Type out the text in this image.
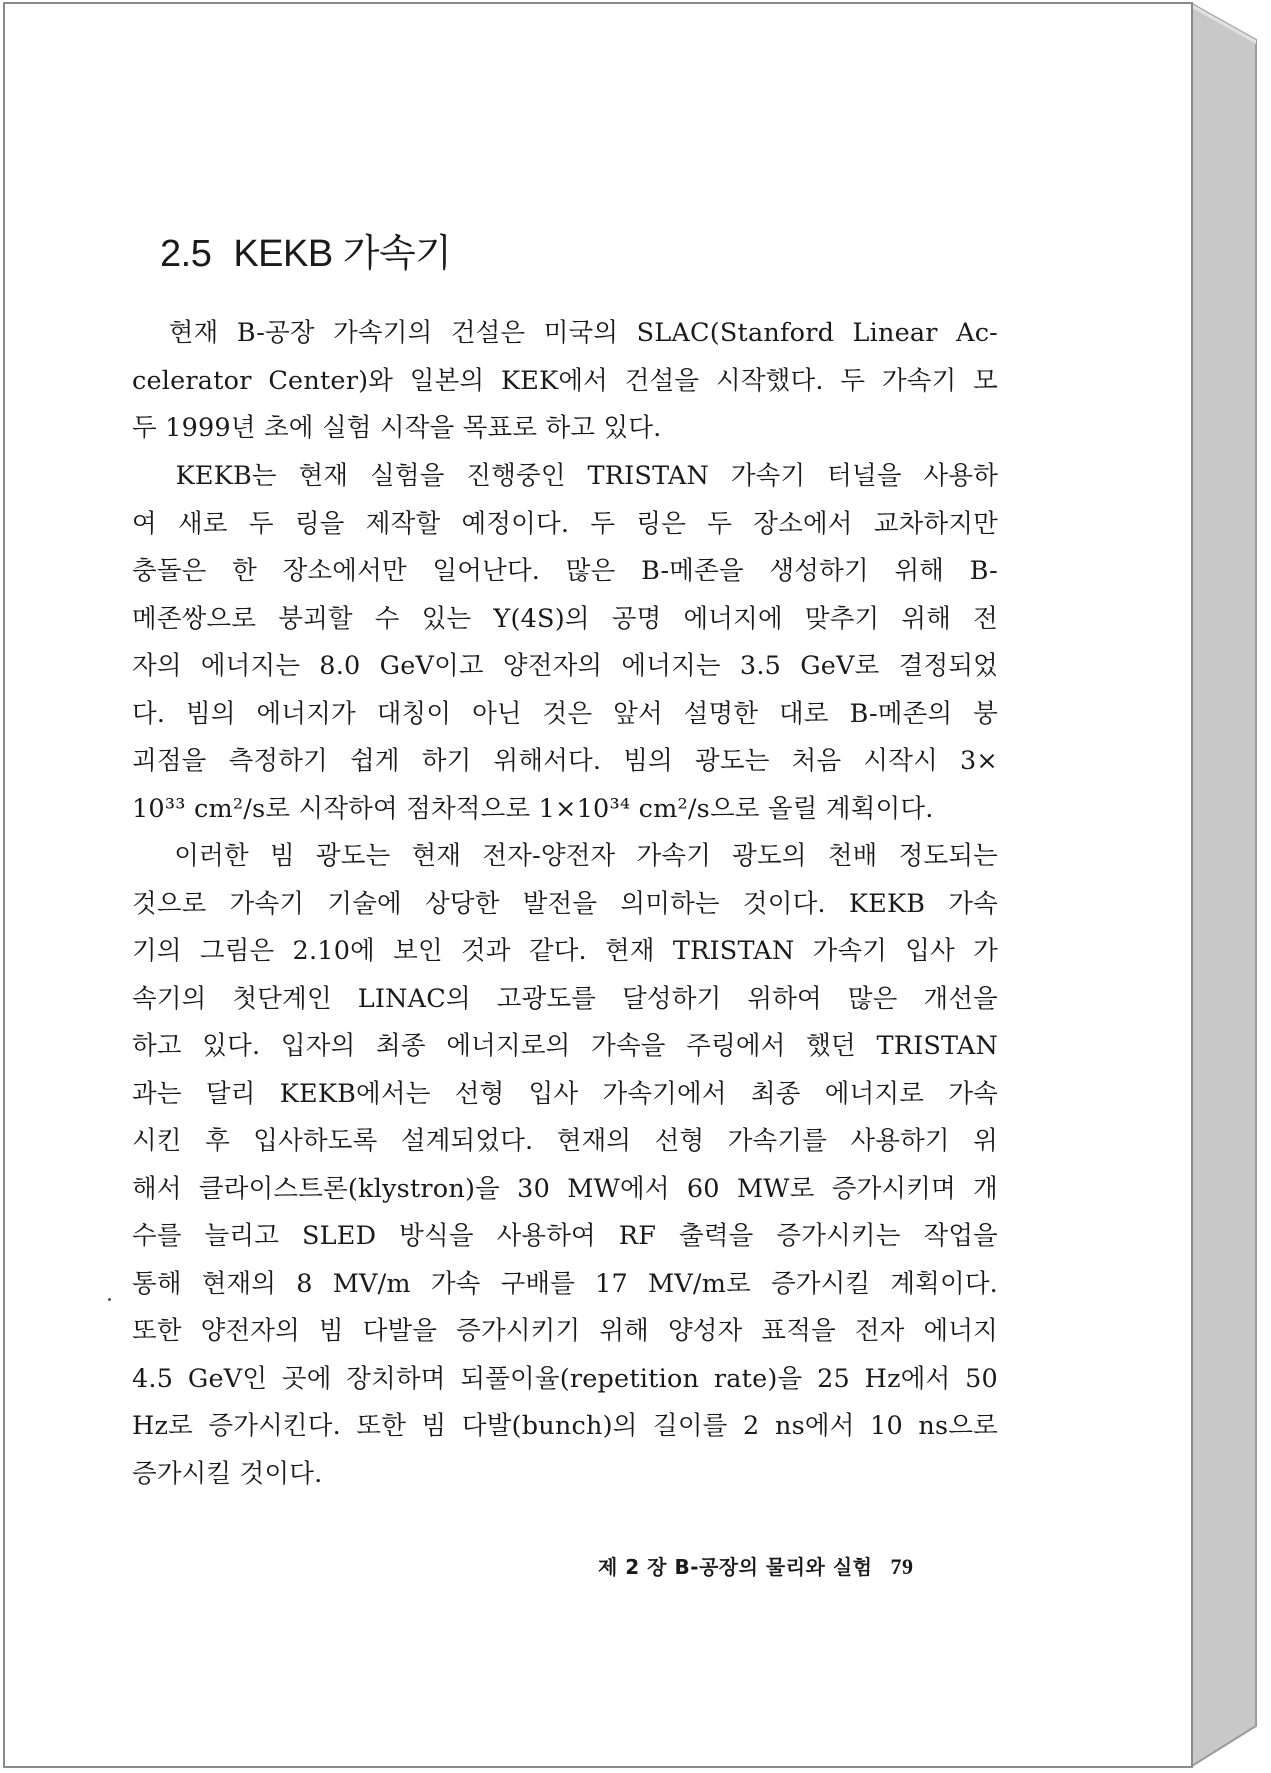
2.5 KEKB 가속기
현재 B-공장 가속기의 건설은 미국의 SLAC(Stanford Linear Ac-
celerator Center)와 일본의 KEK에서 건설을 시작했다. 두 가속기 모
두 1999년 초에 실험 시작을 목표로 하고 있다.
KEKB는 현재 실험을 진행중인 TRISTAN 가속기 터널을 사용하
여 새로 두 링을 제작할 예정이다. 두 링은 두 장소에서 교차하지만
충돌은 한 장소에서만 일어난다. 많은 B-메존을 생성하기 위해 B-
메존쌍으로 붕괴할 수 있는 Υ(4S)의 공명 에너지에 맞추기 위해 전
자의 에너지는 8.0 GeV이고 양전자의 에너지는 3.5 GeV로 결정되었
다. 빔의 에너지가 대칭이 아닌 것은 앞서 설명한 대로 B-메존의 붕
괴점을 측정하기 쉽게 하기 위해서다. 빔의 광도는 처음 시작시 3×
10³³ cm²/s로 시작하여 점차적으로 1×10³⁴ cm²/s으로 올릴 계획이다.
이러한 빔 광도는 현재 전자-양전자 가속기 광도의 천배 정도되는
것으로 가속기 기술에 상당한 발전을 의미하는 것이다. KEKB 가속
기의 그림은 2.10에 보인 것과 같다. 현재 TRISTAN 가속기 입사 가
속기의 첫단계인 LINAC의 고광도를 달성하기 위하여 많은 개선을
하고 있다. 입자의 최종 에너지로의 가속을 주링에서 했던 TRISTAN
과는 달리 KEKB에서는 선형 입사 가속기에서 최종 에너지로 가속
시킨 후 입사하도록 설계되었다. 현재의 선형 가속기를 사용하기 위
해서 클라이스트론(klystron)을 30 MW에서 60 MW로 증가시키며 개
수를 늘리고 SLED 방식을 사용하여 RF 출력을 증가시키는 작업을
통해 현재의 8 MV/m 가속 구배를 17 MV/m로 증가시킬 계획이다.
또한 양전자의 빔 다발을 증가시키기 위해 양성자 표적을 전자 에너지
4.5 GeV인 곳에 장치하며 되풀이율(repetition rate)을 25 Hz에서 50
Hz로 증가시킨다. 또한 빔 다발(bunch)의 길이를 2 ns에서 10 ns으로
증가시킬 것이다.
제 2 장 B-공장의 물리와 실험 79
